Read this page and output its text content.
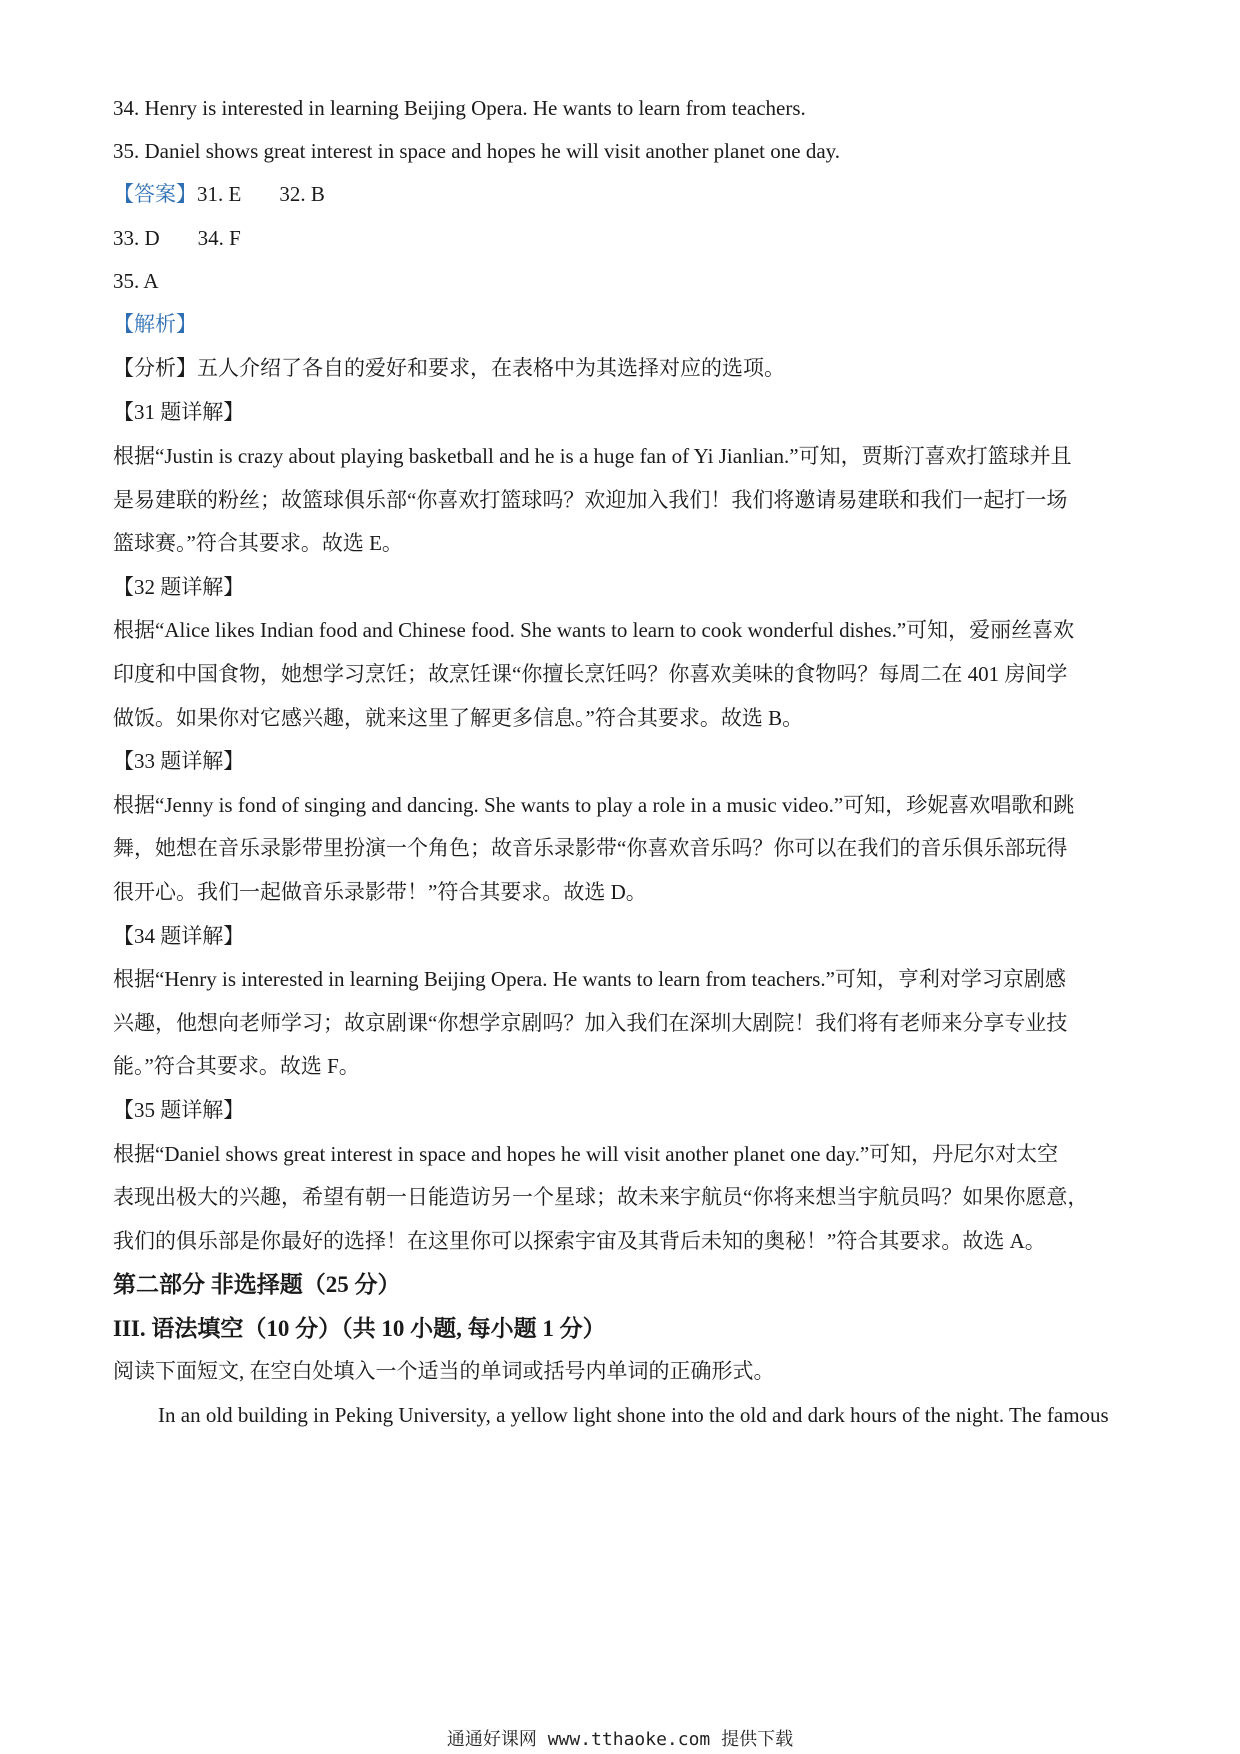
34. Henry is interested in learning Beijing Opera. He wants to learn from teachers.
35. Daniel shows great interest in space and hopes he will visit another planet one day.
【答案】31. E 32. B
33. D 34. F
35. A
【解析】
【分析】五人介绍了各自的爱好和要求，在表格中为其选择对应的选项。
【31 题详解】
根据“Justin is crazy about playing basketball and he is a huge fan of Yi Jianlian.”可知，贾斯汀喜欢打篮球并且
是易建联的粉丝；故篮球俱乐部“你喜欢打篮球吗？欢迎加入我们！我们将邀请易建联和我们一起打一场
篮球赛。”符合其要求。故选 E。
【32 题详解】
根据“Alice likes Indian food and Chinese food. She wants to learn to cook wonderful dishes.”可知，爱丽丝喜欢
印度和中国食物，她想学习烹饪；故烹饪课“你擅长烹饪吗？你喜欢美味的食物吗？每周二在 401 房间学
做饭。如果你对它感兴趣，就来这里了解更多信息。”符合其要求。故选 B。
【33 题详解】
根据“Jenny is fond of singing and dancing. She wants to play a role in a music video.”可知，珍妮喜欢唱歌和跳
舞，她想在音乐录影带里扮演一个角色；故音乐录影带“你喜欢音乐吗？你可以在我们的音乐俱乐部玩得
很开心。我们一起做音乐录影带！”符合其要求。故选 D。
【34 题详解】
根据“Henry is interested in learning Beijing Opera. He wants to learn from teachers.”可知，亨利对学习京剧感
兴趣，他想向老师学习；故京剧课“你想学京剧吗？加入我们在深圳大剧院！我们将有老师来分享专业技
能。”符合其要求。故选 F。
【35 题详解】
根据“Daniel shows great interest in space and hopes he will visit another planet one day.”可知，丹尼尔对太空
表现出极大的兴趣，希望有朝一日能造访另一个星球；故未来宇航员“你将来想当宇航员吗？如果你愿意，
我们的俱乐部是你最好的选择！在这里你可以探索宇宙及其背后未知的奥秘！”符合其要求。故选 A。
第二部分 非选择题（25 分）
III. 语法填空（10 分）（共 10 小题, 每小题 1 分）
阅读下面短文, 在空白处填入一个适当的单词或括号内单词的正确形式。
In an old building in Peking University, a yellow light shone into the old and dark hours of the night. The famous
通通好课网 www.tthaoke.com 提供下载
